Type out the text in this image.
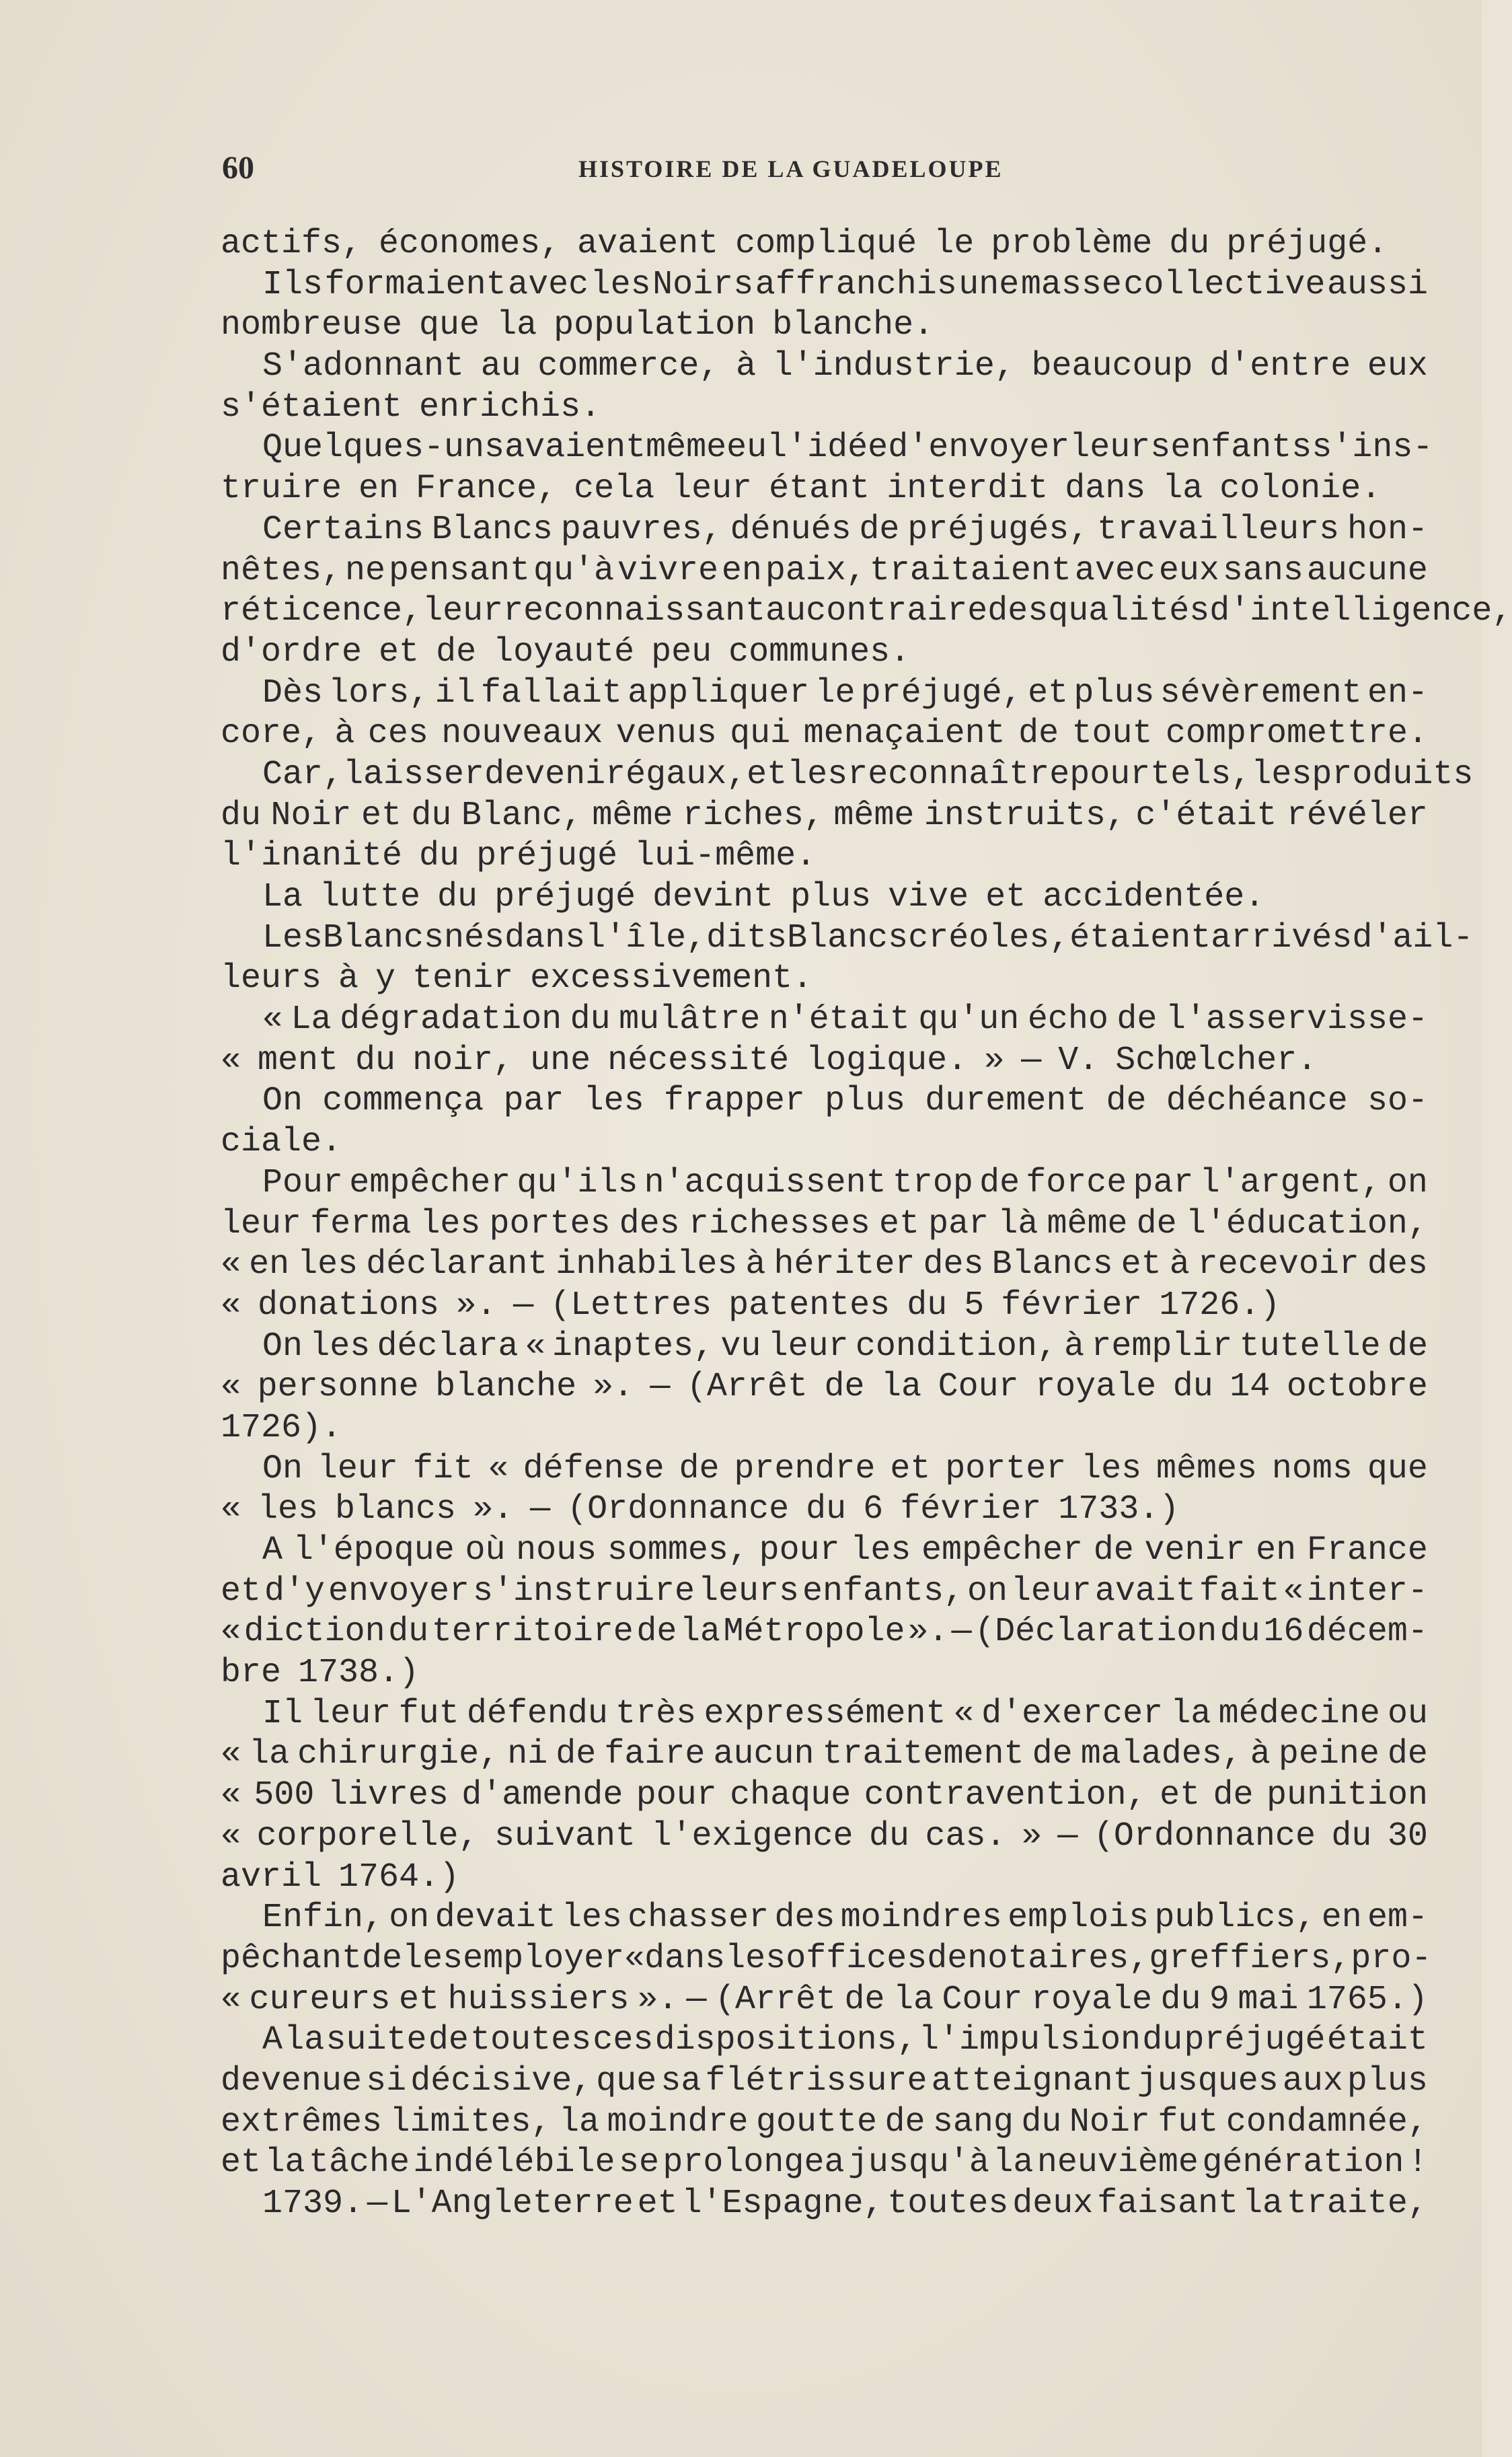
60	HISTOIRE DE LA GUADELOUPE
actifs, économes, avaient compliqué le problème du préjugé.
Ils formaient avec les Noirs affranchis une masse collective aussi
nombreuse que la population blanche.
S'adonnant au commerce, à l'industrie, beaucoup d'entre eux
s'étaient enrichis.
Quelques-uns avaient même eu l'idée d'envoyer leurs enfants s'ins-
truire en France, cela leur étant interdit dans la colonie.
Certains Blancs pauvres, dénués de préjugés, travailleurs hon-
nêtes, ne pensant qu'à vivre en paix, traitaient avec eux sans aucune
réticence, leur reconnaissant au contraire des qualités d'intelligence,
d'ordre et de loyauté peu communes.
Dès lors, il fallait appliquer le préjugé, et plus sévèrement en-
core, à ces nouveaux venus qui menaçaient de tout compromettre.
Car, laisser devenir égaux, et les reconnaître pour tels, les produits
du Noir et du Blanc, même riches, même instruits, c'était révéler
l'inanité du préjugé lui-même.
La lutte du préjugé devint plus vive et accidentée.
Les Blancs nés dans l'île, dits Blancs créoles, étaient arrivés d'ail-
leurs à y tenir excessivement.
« La dégradation du mulâtre n'était qu'un écho de l'asservisse-
« ment du noir, une nécessité logique. » — V. Schœlcher.
On commença par les frapper plus durement de déchéance so-
ciale.
Pour empêcher qu'ils n'acquissent trop de force par l'argent, on
leur ferma les portes des richesses et par là même de l'éducation,
« en les déclarant inhabiles à hériter des Blancs et à recevoir des
« donations ». — (Lettres patentes du 5 février 1726.)
On les déclara « inaptes, vu leur condition, à remplir tutelle de
« personne blanche ». — (Arrêt de la Cour royale du 14 octobre
1726).
On leur fit « défense de prendre et porter les mêmes noms que
« les blancs ». — (Ordonnance du 6 février 1733.)
A l'époque où nous sommes, pour les empêcher de venir en France
et d'y envoyer s'instruire leurs enfants, on leur avait fait « inter-
« diction du territoire de la Métropole ». — (Déclaration du 16 décem-
bre 1738.)
Il leur fut défendu très expressément « d'exercer la médecine ou
« la chirurgie, ni de faire aucun traitement de malades, à peine de
« 500 livres d'amende pour chaque contravention, et de punition
« corporelle, suivant l'exigence du cas. » — (Ordonnance du 30
avril 1764.)
Enfin, on devait les chasser des moindres emplois publics, en em-
pêchant de les employer « dans les offices de notaires, greffiers, pro-
« cureurs et huissiers ». — (Arrêt de la Cour royale du 9 mai 1765.)
A la suite de toutes ces dispositions, l'impulsion du préjugé était
devenue si décisive, que sa flétrissure atteignant jusques aux plus
extrêmes limites, la moindre goutte de sang du Noir fut condamnée,
et la tâche indélébile se prolongea jusqu'à la neuvième génération !
1739. — L'Angleterre et l'Espagne, toutes deux faisant la traite,
